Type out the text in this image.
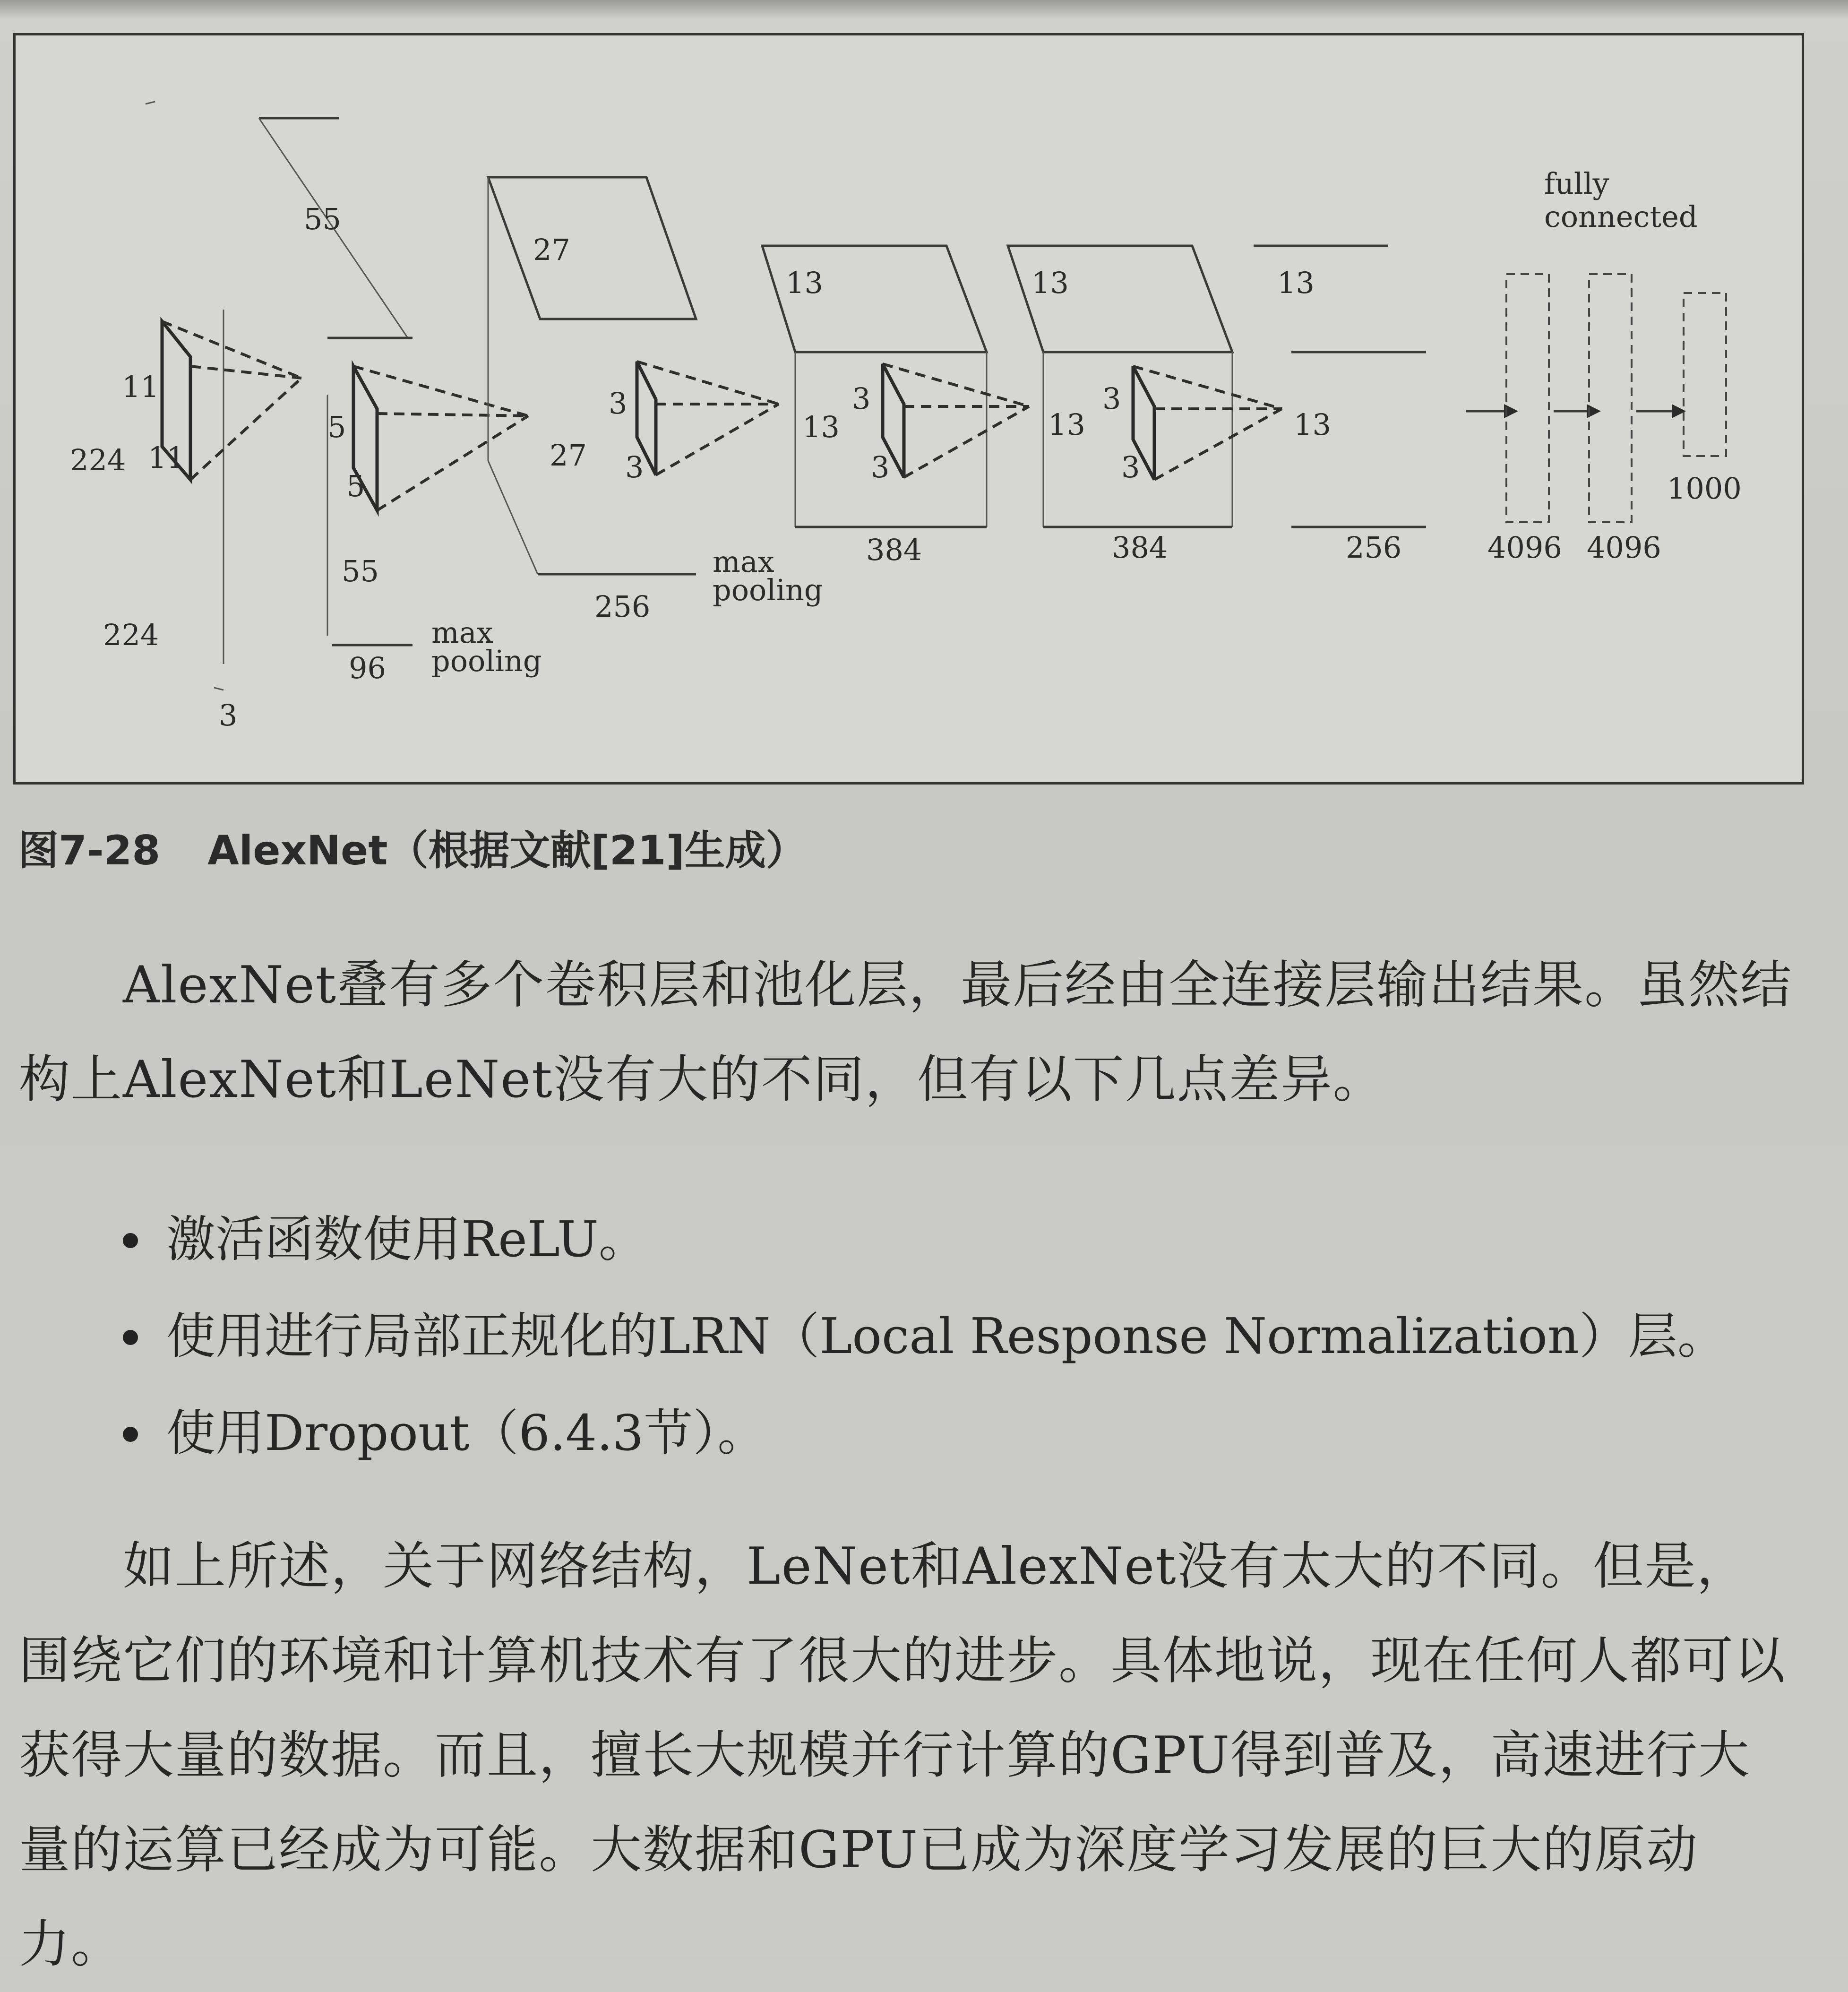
224
224
3
11
11
55
55
96
max
pooling
5
5
27
27
256
max
pooling
3
3
13
13
384
3
3
13
13
384
3
3
13
13
256
fully
connected
4096 4096
1000
图7-28 AlexNet（根据文献[21]生成）

AlexNet叠有多个卷积层和池化层，最后经由全连接层输出结果。虽然结构上AlexNet和LeNet没有大的不同，但有以下几点差异。

激活函数使用ReLU。
使用进行局部正规化的LRN（Local Response Normalization）层。
使用Dropout（6.4.3节）。

如上所述，关于网络结构，LeNet和AlexNet没有太大的不同。但是，围绕它们的环境和计算机技术有了很大的进步。具体地说，现在任何人都可以获得大量的数据。而且，擅长大规模并行计算的GPU得到普及，高速进行大量的运算已经成为可能。大数据和GPU已成为深度学习发展的巨大的原动力。
